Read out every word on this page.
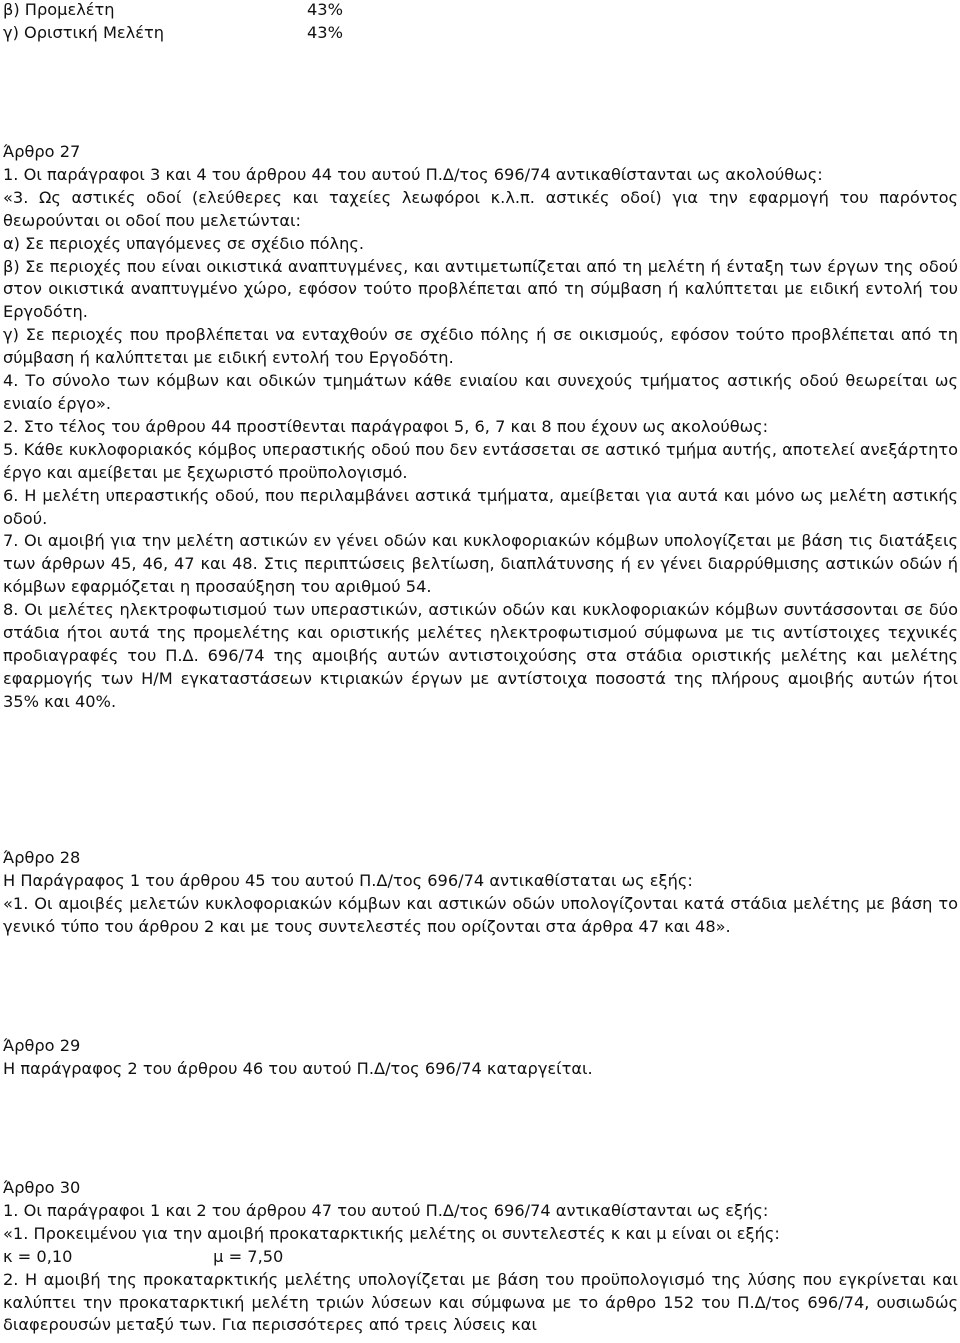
β) Προμελέτη	43%
γ) Οριστική Μελέτη	43%

Άρθρο 27

1. Οι παράγραφοι 3 και 4 του άρθρου 44 του αυτού Π.Δ/τος 696/74 αντικαθίστανται ως ακολούθως:

«3. Ως αστικές οδοί (ελεύθερες και ταχείες λεωφόροι κ.λ.π. αστικές οδοί) για την εφαρμογή του παρόντος θεωρούνται οι οδοί που μελετώνται:

α) Σε περιοχές υπαγόμενες σε σχέδιο πόλης.

β) Σε περιοχές που είναι οικιστικά αναπτυγμένες, και αντιμετωπίζεται από τη μελέτη ή ένταξη των έργων της οδού στον οικιστικά αναπτυγμένο χώρο, εφόσον τούτο προβλέπεται από τη σύμβαση ή καλύπτεται με ειδική εντολή του Εργοδότη.

γ) Σε περιοχές που προβλέπεται να ενταχθούν σε σχέδιο πόλης ή σε οικισμούς, εφόσον τούτο προβλέπεται από τη σύμβαση ή καλύπτεται με ειδική εντολή του Εργοδότη.

4. Το σύνολο των κόμβων και οδικών τμημάτων κάθε ενιαίου και συνεχούς τμήματος αστικής οδού θεωρείται ως ενιαίο έργο».

2. Στο τέλος του άρθρου 44 προστίθενται παράγραφοι 5, 6, 7 και 8 που έχουν ως ακολούθως:

5. Κάθε κυκλοφοριακός κόμβος υπεραστικής οδού που δεν εντάσσεται σε αστικό τμήμα αυτής, αποτελεί ανεξάρτητο έργο και αμείβεται με ξεχωριστό προϋπολογισμό.

6. Η μελέτη υπεραστικής οδού, που περιλαμβάνει αστικά τμήματα, αμείβεται για αυτά και μόνο ως μελέτη αστικής οδού.

7. Οι αμοιβή για την μελέτη αστικών εν γένει οδών και κυκλοφοριακών κόμβων υπολογίζεται με βάση τις διατάξεις των άρθρων 45, 46, 47 και 48. Στις περιπτώσεις βελτίωση, διαπλάτυνσης ή εν γένει διαρρύθμισης αστικών οδών ή κόμβων εφαρμόζεται η προσαύξηση του αριθμού 54.

8. Οι μελέτες ηλεκτροφωτισμού των υπεραστικών, αστικών οδών και κυκλοφοριακών κόμβων συντάσσονται σε δύο στάδια ήτοι αυτά της προμελέτης και οριστικής μελέτες ηλεκτροφωτισμού σύμφωνα με τις αντίστοιχες τεχνικές προδιαγραφές του Π.Δ. 696/74 της αμοιβής αυτών αντιστοιχούσης στα στάδια οριστικής μελέτης και μελέτης εφαρμογής των Η/Μ εγκαταστάσεων κτιριακών έργων με αντίστοιχα ποσοστά της πλήρους αμοιβής αυτών ήτοι 35% και 40%.

Άρθρο 28

Η Παράγραφος 1 του άρθρου 45 του αυτού Π.Δ/τος 696/74 αντικαθίσταται ως εξής:

«1. Οι αμοιβές μελετών κυκλοφοριακών κόμβων και αστικών οδών υπολογίζονται κατά στάδια μελέτης με βάση το γενικό τύπο του άρθρου 2 και με τους συντελεστές που ορίζονται στα άρθρα 47 και 48».

Άρθρο 29

Η παράγραφος 2 του άρθρου 46 του αυτού Π.Δ/τος 696/74 καταργείται.

Άρθρο 30

1. Οι παράγραφοι 1 και 2 του άρθρου 47 του αυτού Π.Δ/τος 696/74 αντικαθίστανται ως εξής:

«1. Προκειμένου για την αμοιβή προκαταρκτικής μελέτης οι συντελεστές κ και μ είναι οι εξής:

κ = 0,10	μ = 7,50

2. Η αμοιβή της προκαταρκτικής μελέτης υπολογίζεται με βάση του προϋπολογισμό της λύσης που εγκρίνεται και καλύπτει την προκαταρκτική μελέτη τριών λύσεων και σύμφωνα με το άρθρο 152 του Π.Δ/τος 696/74, ουσιωδώς διαφερουσών μεταξύ των. Για περισσότερες από τρεις λύσεις και
